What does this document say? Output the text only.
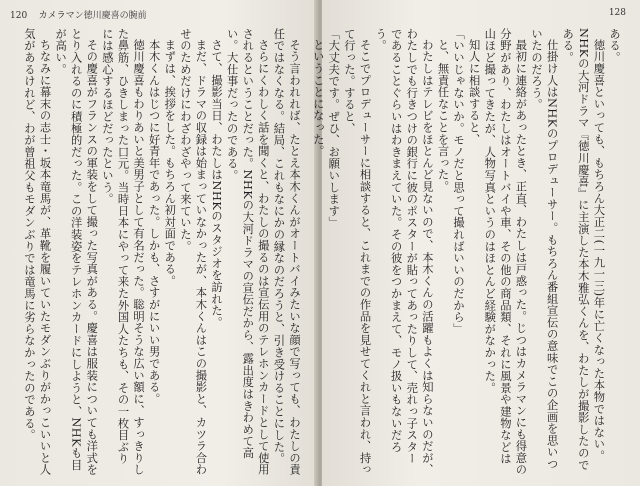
120 カメラマン徳川慶喜の腕前

そう言われれば、たとえ本木くんがオートバイみたいな顔で写っても、わたしの責任ではなくなる。結局、これもなにかの縁なのだろうと、引き受けることにした。

さらにくわしく話を聞くと、わたしの撮るのは宣伝用のテレホンカードとして使用されるということだった。NHKの大河ドラマの宣伝だから、露出度はきわめて高い。大仕事だったのである。

さて、撮影当日、わたしはNHKのスタジオを訪れた。

まだ、ドラマの収録は始まっていなかったが、本木くんはこの撮影と、カツラ合わせのためだけにわざわざやって来ていた。

まずは、挨拶をした。もちろん初対面である。

本木くんはじつに好青年であった。しかも、さすがにいい男である。

徳川慶喜もわりあいと美男子として有名だった。聡明そうな広い額に、すっきりした鼻筋、ひきしまった口元。当時日本にやって来た外国人たちも、その一枚目ぶりには感心するほどだったという。

その慶喜がフランスの軍装をして撮った写真がある。慶喜は服装についても洋式をとり入れるのに積極的だった。この洋装姿をテレホンカードにしようと、NHKも目が高い。

ちなみに幕末の志士・坂本竜馬が、革靴を履いていたモダンぶりがかっこいいと人気があるけれど、わが曾祖父もモダンぶりでは竜馬に劣らなかったのである。

128

ある。

徳川慶喜といっても、もちろん大正二(一九一三)年に亡くなった本物ではない。NHKの大河ドラマ『徳川慶喜』に主演した本木雅弘くんを、わたしが撮影したのである。

仕掛け人はNHKのプロデューサー。もちろん番組宣伝の意味でこの企画を思いついたのだろう。

最初に連絡があったとき、正直、わたしは戸惑った。じつはカメラマンにも得意の分野があり、わたしはオートバイや車、その他の商品類、それに風景や建物などは山ほど撮ってきたが、人物写真というのはほとんど経験がなかった。

知人に相談すると、

「いいじゃないか。モノだと思って撮ればいいのだから」

と、無責任なことを言った。

わたしはテレビをほとんど見ないので、本木くんの活躍もよくは知らないのだが、わたしでも行きつけの銀行に彼のポスターが貼ってあったりして、売れっ子スターであることぐらいはわきまえていた。その彼をつかまえて、モノ扱いもないだろう。

そこでプロデューサーに相談すると、これまでの作品を見せてくれと言われ、持って行った。すると、

「大丈夫です。ぜひ、お願いします」

ということになった。
